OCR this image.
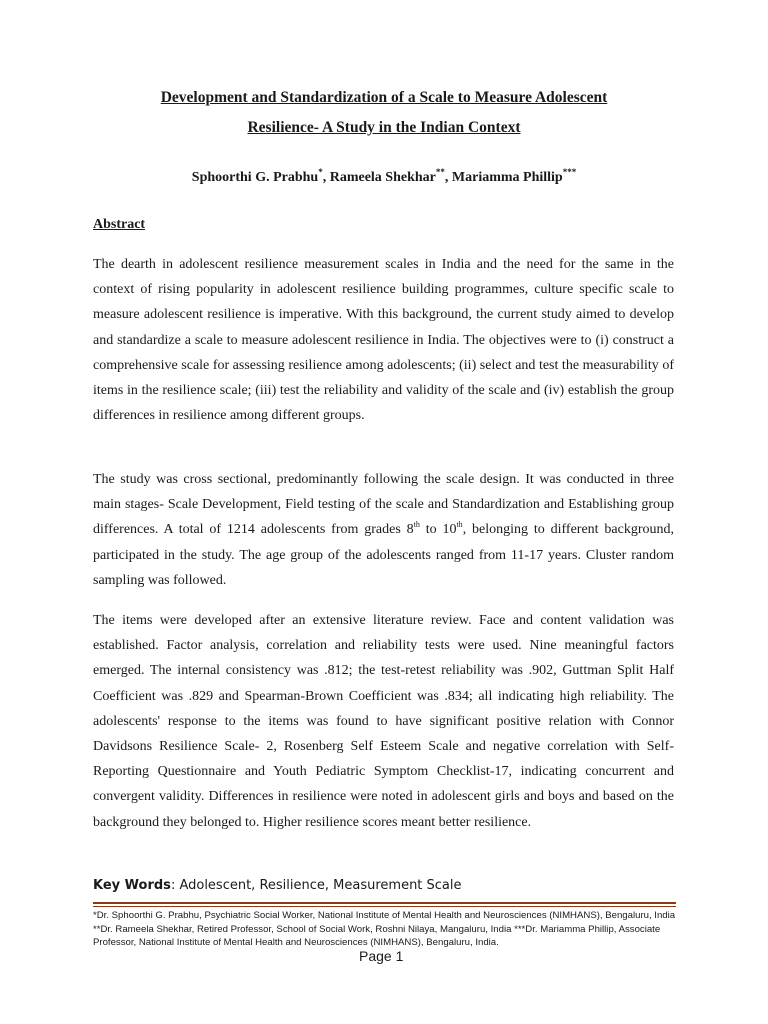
Development and Standardization of a Scale to Measure Adolescent
Resilience- A Study in the Indian Context
Sphoorthi G. Prabhu*, Rameela Shekhar**, Mariamma Phillip***
Abstract

The dearth in adolescent resilience measurement scales in India and the need for the same in the context of rising popularity in adolescent resilience building programmes, culture specific scale to measure adolescent resilience is imperative. With this background, the current study aimed to develop and standardize a scale to measure adolescent resilience in India. The objectives were to (i) construct a comprehensive scale for assessing resilience among adolescents; (ii) select and test the measurability of items in the resilience scale; (iii) test the reliability and validity of the scale and (iv) establish the group differences in resilience among different groups.

The study was cross sectional, predominantly following the scale design. It was conducted in three main stages- Scale Development, Field testing of the scale and Standardization and Establishing group differences. A total of 1214 adolescents from grades 8th to 10th, belonging to different background, participated in the study. The age group of the adolescents ranged from 11-17 years. Cluster random sampling was followed.

The items were developed after an extensive literature review. Face and content validation was established. Factor analysis, correlation and reliability tests were used. Nine meaningful factors emerged. The internal consistency was .812; the test-retest reliability was .902, Guttman Split Half Coefficient was .829 and Spearman-Brown Coefficient was .834; all indicating high reliability. The adolescents' response to the items was found to have significant positive relation with Connor Davidsons Resilience Scale- 2, Rosenberg Self Esteem Scale and negative correlation with Self-Reporting Questionnaire and Youth Pediatric Symptom Checklist-17, indicating concurrent and convergent validity. Differences in resilience were noted in adolescent girls and boys and based on the background they belonged to. Higher resilience scores meant better resilience.

Key Words: Adolescent, Resilience, Measurement Scale
*Dr. Sphoorthi G. Prabhu, Psychiatric Social Worker, National Institute of Mental Health and Neurosciences (NIMHANS), Bengaluru, India **Dr. Rameela Shekhar, Retired Professor, School of Social Work, Roshni Nilaya, Mangaluru, India ***Dr. Mariamma Phillip, Associate Professor, National Institute of Mental Health and Neurosciences (NIMHANS), Bengaluru, India.
Page 1
